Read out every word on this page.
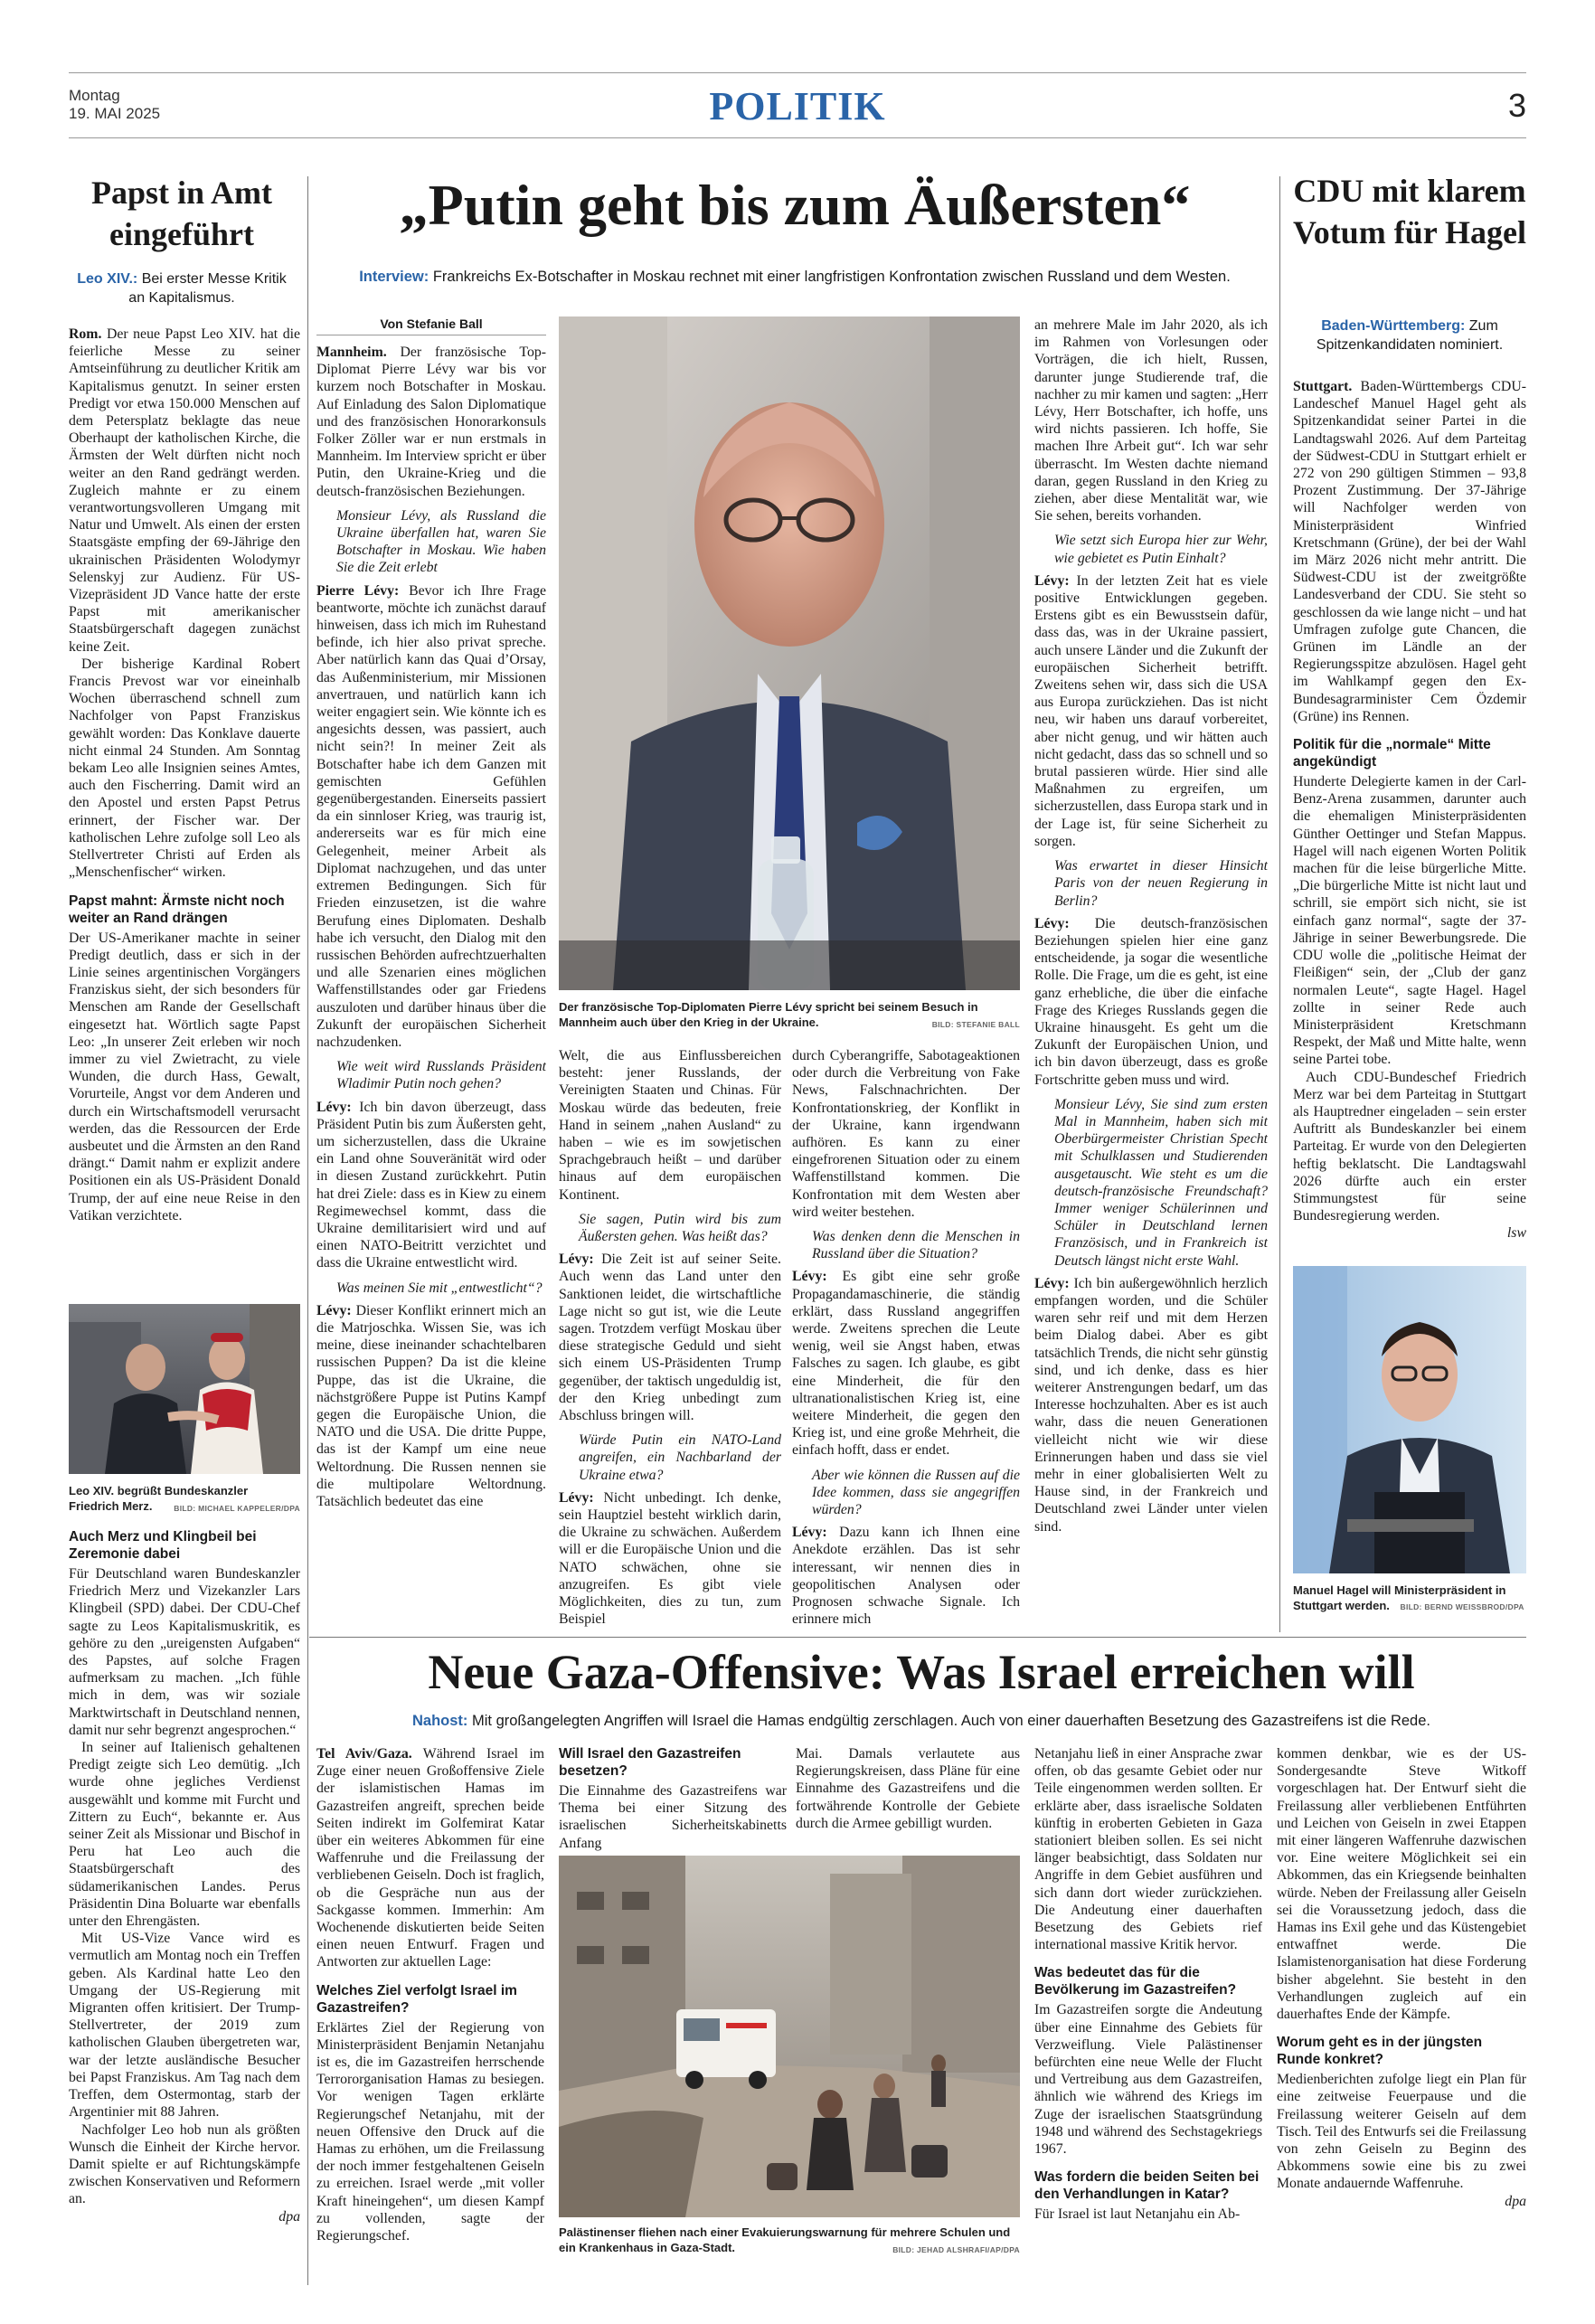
Montag
19. MAI 2025	POLITIK	3
Papst in Amt eingeführt
Leo XIV.: Bei erster Messe Kritik an Kapitalismus.

Rom. Der neue Papst Leo XIV. hat die feierliche Messe zu seiner Amtseinführung zu deutlicher Kritik am Kapitalismus genutzt. In seiner ersten Predigt vor etwa 150.000 Menschen auf dem Petersplatz beklagte das neue Oberhaupt der katholischen Kirche, die Ärmsten der Welt dürften nicht noch weiter an den Rand gedrängt werden. Zugleich mahnte er zu einem verantwortungsvolleren Umgang mit Natur und Umwelt. Als einen der ersten Staatsgäste empfing der 69-Jährige den ukrainischen Präsidenten Wolodymyr Selenskyj zur Audienz. Für US-Vizepräsident JD Vance hatte der erste Papst mit amerikanischer Staatsbürgerschaft dagegen zunächst keine Zeit.

Der bisherige Kardinal Robert Francis Prevost war vor eineinhalb Wochen überraschend schnell zum Nachfolger von Papst Franziskus gewählt worden: Das Konklave dauerte nicht einmal 24 Stunden. Am Sonntag bekam Leo alle Insignien seines Amtes, auch den Fischerring. Damit wird an den Apostel und ersten Papst Petrus erinnert, der Fischer war. Der katholischen Lehre zufolge soll Leo als Stellvertreter Christi auf Erden als „Menschenfischer“ wirken.

Papst mahnt: Ärmste nicht noch weiter an Rand drängen

Der US-Amerikaner machte in seiner Predigt deutlich, dass er sich in der Linie seines argentinischen Vorgängers Franziskus sieht, der sich besonders für Menschen am Rande der Gesellschaft eingesetzt hat. Wörtlich sagte Papst Leo: „In unserer Zeit erleben wir noch immer zu viel Zwietracht, zu viele Wunden, die durch Hass, Gewalt, Vorurteile, Angst vor dem Anderen und durch ein Wirtschaftsmodell verursacht werden, das die Ressourcen der Erde ausbeutet und die Ärmsten an den Rand drängt.“ Damit nahm er explizit andere Positionen ein als US-Präsident Donald Trump, der auf eine neue Reise in den Vatikan verzichtete.

Leo XIV. begrüßt Bundeskanzler Friedrich Merz.	BILD: MICHAEL KAPPELER/DPA
Auch Merz und Klingbeil bei Zeremonie dabei

Für Deutschland waren Bundeskanzler Friedrich Merz und Vizekanzler Lars Klingbeil (SPD) dabei. Der CDU-Chef sagte zu Leos Kapitalismuskritik, es gehöre zu den „ureigensten Aufgaben“ des Papstes, auf solche Fragen aufmerksam zu machen. „Ich fühle mich in dem, was wir soziale Marktwirtschaft in Deutschland nennen, damit nur sehr begrenzt angesprochen.“

In seiner auf Italienisch gehaltenen Predigt zeigte sich Leo demütig. „Ich wurde ohne jegliches Verdienst ausgewählt und komme mit Furcht und Zittern zu Euch“, bekannte er. Aus seiner Zeit als Missionar und Bischof in Peru hat Leo auch die Staatsbürgerschaft des südamerikanischen Landes. Perus Präsidentin Dina Boluarte war ebenfalls unter den Ehrengästen.

Mit US-Vize Vance wird es vermutlich am Montag noch ein Treffen geben. Als Kardinal hatte Leo den Umgang der US-Regierung mit Migranten offen kritisiert. Der Trump-Stellvertreter, der 2019 zum katholischen Glauben übergetreten war, war der letzte ausländische Besucher bei Papst Franziskus. Am Tag nach dem Treffen, dem Ostermontag, starb der Argentinier mit 88 Jahren.

Nachfolger Leo hob nun als größten Wunsch die Einheit der Kirche hervor. Damit spielte er auf Richtungskämpfe zwischen Konservativen und Reformern an.

dpa

„Putin geht bis zum Äußersten“
Interview: Frankreichs Ex-Botschafter in Moskau rechnet mit einer langfristigen Konfrontation zwischen Russland und dem Westen.
Von Stefanie Ball

Mannheim. Der französische Top-Diplomat Pierre Lévy war bis vor kurzem noch Botschafter in Moskau. Auf Einladung des Salon Diplomatique und des französischen Honorarkonsuls Folker Zöller war er nun erstmals in Mannheim. Im Interview spricht er über Putin, den Ukraine-Krieg und die deutsch-französischen Beziehungen.

Monsieur Lévy, als Russland die Ukraine überfallen hat, waren Sie Botschafter in Moskau. Wie haben Sie die Zeit erlebt

Pierre Lévy: Bevor ich Ihre Frage beantworte, möchte ich zunächst darauf hinweisen, dass ich mich im Ruhestand befinde, ich hier also privat spreche. Aber natürlich kann das Quai d’Orsay, das Außenministerium, mir Missionen anvertrauen, und natürlich kann ich weiter engagiert sein. Wie könnte ich es angesichts dessen, was passiert, auch nicht sein?! In meiner Zeit als Botschafter habe ich dem Ganzen mit gemischten Gefühlen gegenübergestanden. Einerseits passiert da ein sinnloser Krieg, was traurig ist, andererseits war es für mich eine Gelegenheit, meiner Arbeit als Diplomat nachzugehen, und das unter extremen Bedingungen. Sich für Frieden einzusetzen, ist die wahre Berufung eines Diplomaten. Deshalb habe ich versucht, den Dialog mit den russischen Behörden aufrechtzuerhalten und alle Szenarien eines möglichen Waffenstillstandes oder gar Friedens auszuloten und darüber hinaus über die Zukunft der europäischen Sicherheit nachzudenken.

Wie weit wird Russlands Präsident Wladimir Putin noch gehen?

Lévy: Ich bin davon überzeugt, dass Präsident Putin bis zum Äußersten geht, um sicherzustellen, dass die Ukraine ein Land ohne Souveränität wird oder in diesen Zustand zurückkehrt. Putin hat drei Ziele: dass es in Kiew zu einem Regimewechsel kommt, dass die Ukraine demilitarisiert wird und auf einen NATO-Beitritt verzichtet und dass die Ukraine entwestlicht wird.

Was meinen Sie mit „entwestlicht“?

Lévy: Dieser Konflikt erinnert mich an die Matrjoschka. Wissen Sie, was ich meine, diese ineinander schachtelbaren russischen Puppen? Da ist die kleine Puppe, das ist die Ukraine, die nächstgrößere Puppe ist Putins Kampf gegen die Europäische Union, die NATO und die USA. Die dritte Puppe, das ist der Kampf um eine neue Weltordnung. Die Russen nennen sie die multipolare Weltordnung. Tatsächlich bedeutet das eine

Der französische Top-Diplomaten Pierre Lévy spricht bei seinem Besuch in Mannheim auch über den Krieg in der Ukraine.	BILD: STEFANIE BALL

Welt, die aus Einflussbereichen besteht: jener Russlands, der Vereinigten Staaten und Chinas. Für Moskau würde das bedeuten, freie Hand in seinem „nahen Ausland“ zu haben – wie es im sowjetischen Sprachgebrauch heißt – und darüber hinaus auf dem europäischen Kontinent.

Sie sagen, Putin wird bis zum Äußersten gehen. Was heißt das?

Lévy: Die Zeit ist auf seiner Seite. Auch wenn das Land unter den Sanktionen leidet, die wirtschaftliche Lage nicht so gut ist, wie die Leute sagen. Trotzdem verfügt Moskau über diese strategische Geduld und sieht sich einem US-Präsidenten Trump gegenüber, der taktisch ungeduldig ist, der den Krieg unbedingt zum Abschluss bringen will.

Würde Putin ein NATO-Land angreifen, ein Nachbarland der Ukraine etwa?

Lévy: Nicht unbedingt. Ich denke, sein Hauptziel besteht wirklich darin, die Ukraine zu schwächen. Außerdem will er die Europäische Union und die NATO schwächen, ohne sie anzugreifen. Es gibt viele Möglichkeiten, dies zu tun, zum Beispiel

durch Cyberangriffe, Sabotageaktionen oder durch die Verbreitung von Fake News, Falschnachrichten. Der Konfrontationskrieg, der Konflikt in der Ukraine, kann irgendwann aufhören. Es kann zu einer eingefrorenen Situation oder zu einem Waffenstillstand kommen. Die Konfrontation mit dem Westen aber wird weiter bestehen.

Was denken denn die Menschen in Russland über die Situation?

Lévy: Es gibt eine sehr große Propagandamaschinerie, die ständig erklärt, dass Russland angegriffen werde. Zweitens sprechen die Leute wenig, weil sie Angst haben, etwas Falsches zu sagen. Ich glaube, es gibt eine Minderheit, die für den ultranationalistischen Krieg ist, eine weitere Minderheit, die gegen den Krieg ist, und eine große Mehrheit, die einfach hofft, dass er endet.

Aber wie können die Russen auf die Idee kommen, dass sie angegriffen würden?

Lévy: Dazu kann ich Ihnen eine Anekdote erzählen. Das ist sehr interessant, wir nennen dies in geopolitischen Analysen oder Prognosen schwache Signale. Ich erinnere mich

an mehrere Male im Jahr 2020, als ich im Rahmen von Vorlesungen oder Vorträgen, die ich hielt, Russen, darunter junge Studierende traf, die nachher zu mir kamen und sagten: „Herr Lévy, Herr Botschafter, ich hoffe, uns wird nichts passieren. Ich hoffe, Sie machen Ihre Arbeit gut“. Ich war sehr überrascht. Im Westen dachte niemand daran, gegen Russland in den Krieg zu ziehen, aber diese Mentalität war, wie Sie sehen, bereits vorhanden.

Wie setzt sich Europa hier zur Wehr, wie gebietet es Putin Einhalt?

Lévy: In der letzten Zeit hat es viele positive Entwicklungen gegeben. Erstens gibt es ein Bewusstsein dafür, dass das, was in der Ukraine passiert, auch unsere Länder und die Zukunft der europäischen Sicherheit betrifft. Zweitens sehen wir, dass sich die USA aus Europa zurückziehen. Das ist nicht neu, wir haben uns darauf vorbereitet, aber nicht genug, und wir hätten auch nicht gedacht, dass das so schnell und so brutal passieren würde. Hier sind alle Maßnahmen zu ergreifen, um sicherzustellen, dass Europa stark und in der Lage ist, für seine Sicherheit zu sorgen.

Was erwartet in dieser Hinsicht Paris von der neuen Regierung in Berlin?

Lévy: Die deutsch-französischen Beziehungen spielen hier eine ganz entscheidende, ja sogar die wesentliche Rolle. Die Frage, um die es geht, ist eine ganz erhebliche, die über die einfache Frage des Krieges Russlands gegen die Ukraine hinausgeht. Es geht um die Zukunft der Europäischen Union, und ich bin davon überzeugt, dass es große Fortschritte geben muss und wird.

Monsieur Lévy, Sie sind zum ersten Mal in Mannheim, haben sich mit Oberbürgermeister Christian Specht mit Schulklassen und Studierenden ausgetauscht. Wie steht es um die deutsch-französische Freundschaft? Immer weniger Schülerinnen und Schüler in Deutschland lernen Französisch, und in Frankreich ist Deutsch längst nicht erste Wahl.

Lévy: Ich bin außergewöhnlich herzlich empfangen worden, und die Schüler waren sehr reif und mit dem Herzen beim Dialog dabei. Aber es gibt tatsächlich Trends, die nicht sehr günstig sind, und ich denke, dass es hier weiterer Anstrengungen bedarf, um das Interesse hochzuhalten. Aber es ist auch wahr, dass die neuen Generationen vielleicht nicht wie wir diese Erinnerungen haben und dass sie viel mehr in einer globalisierten Welt zu Hause sind, in der Frankreich und Deutschland zwei Länder unter vielen sind.

CDU mit klarem Votum für Hagel
Baden-Württemberg: Zum Spitzenkandidaten nominiert.

Stuttgart. Baden-Württembergs CDU-Landeschef Manuel Hagel geht als Spitzenkandidat seiner Partei in die Landtagswahl 2026. Auf dem Parteitag der Südwest-CDU in Stuttgart erhielt er 272 von 290 gültigen Stimmen – 93,8 Prozent Zustimmung. Der 37-Jährige will Nachfolger werden von Ministerpräsident Winfried Kretschmann (Grüne), der bei der Wahl im März 2026 nicht mehr antritt. Die Südwest-CDU ist der zweitgrößte Landesverband der CDU. Sie steht so geschlossen da wie lange nicht – und hat Umfragen zufolge gute Chancen, die Grünen im Ländle an der Regierungsspitze abzulösen. Hagel geht im Wahlkampf gegen den Ex-Bundesagrarminister Cem Özdemir (Grüne) ins Rennen.

Politik für die „normale“ Mitte angekündigt

Hunderte Delegierte kamen in der Carl-Benz-Arena zusammen, darunter auch die ehemaligen Ministerpräsidenten Günther Oettinger und Stefan Mappus. Hagel will nach eigenen Worten Politik machen für die leise bürgerliche Mitte. „Die bürgerliche Mitte ist nicht laut und schrill, sie empört sich nicht, sie ist einfach ganz normal“, sagte der 37-Jährige in seiner Bewerbungsrede. Die CDU wolle die „politische Heimat der Fleißigen“ sein, der „Club der ganz normalen Leute“, sagte Hagel. Hagel zollte in seiner Rede auch Ministerpräsident Kretschmann Respekt, der Maß und Mitte halte, wenn seine Partei tobe.

Auch CDU-Bundeschef Friedrich Merz war bei dem Parteitag in Stuttgart als Hauptredner eingeladen – sein erster Auftritt als Bundeskanzler bei einem Parteitag. Er wurde von den Delegierten heftig beklatscht. Die Landtagswahl 2026 dürfte auch ein erster Stimmungstest für seine Bundesregierung werden.

lsw

Manuel Hagel will Ministerpräsident in Stuttgart werden. BILD: BERND WEISSBROD/DPA
Neue Gaza-Offensive: Was Israel erreichen will
Nahost: Mit großangelegten Angriffen will Israel die Hamas endgültig zerschlagen. Auch von einer dauerhaften Besetzung des Gazastreifens ist die Rede.

Tel Aviv/Gaza. Während Israel im Zuge einer neuen Großoffensive Ziele der islamistischen Hamas im Gazastreifen angreift, sprechen beide Seiten indirekt im Golfemirat Katar über ein weiteres Abkommen für eine Waffenruhe und die Freilassung der verbliebenen Geiseln. Doch ist fraglich, ob die Gespräche nun aus der Sackgasse kommen. Immerhin: Am Wochenende diskutierten beide Seiten einen neuen Entwurf. Fragen und Antworten zur aktuellen Lage:

Welches Ziel verfolgt Israel im Gazastreifen?

Erklärtes Ziel der Regierung von Ministerpräsident Benjamin Netanjahu ist es, die im Gazastreifen herrschende Terrororganisation Hamas zu besiegen. Vor wenigen Tagen erklärte Regierungschef Netanjahu, mit der neuen Offensive den Druck auf die Hamas zu erhöhen, um die Freilassung der noch immer festgehaltenen Geiseln zu erreichen. Israel werde „mit voller Kraft hineingehen“, um diesen Kampf zu vollenden, sagte der Regierungschef.

Will Israel den Gazastreifen besetzen?

Die Einnahme des Gazastreifens war Thema bei einer Sitzung des israelischen Sicherheitskabinetts Anfang

Mai. Damals verlautete aus Regierungskreisen, dass Pläne für eine Einnahme des Gazastreifens und die fortwährende Kontrolle der Gebiete durch die Armee gebilligt wurden.

Palästinenser fliehen nach einer Evakuierungswarnung für mehrere Schulen und ein Krankenhaus in Gaza-Stadt.	BILD: JEHAD ALSHRAFI/AP/DPA

Netanjahu ließ in einer Ansprache zwar offen, ob das gesamte Gebiet oder nur Teile eingenommen werden sollten. Er erklärte aber, dass israelische Soldaten künftig in eroberten Gebieten in Gaza stationiert bleiben sollen. Es sei nicht länger beabsichtigt, dass Soldaten nur Angriffe in dem Gebiet ausführen und sich dann dort wieder zurückziehen. Die Andeutung einer dauerhaften Besetzung des Gebiets rief international massive Kritik hervor.

Was bedeutet das für die Bevölkerung im Gazastreifen?

Im Gazastreifen sorgte die Andeutung über eine Einnahme des Gebiets für Verzweiflung. Viele Palästinenser befürchten eine neue Welle der Flucht und Vertreibung aus dem Gazastreifen, ähnlich wie während des Kriegs im Zuge der israelischen Staatsgründung 1948 und während des Sechstagekriegs 1967.

Was fordern die beiden Seiten bei den Verhandlungen in Katar?

Für Israel ist laut Netanjahu ein Ab-

kommen denkbar, wie es der US-Sondergesandte Steve Witkoff vorgeschlagen hat. Der Entwurf sieht die Freilassung aller verbliebenen Entführten und Leichen von Geiseln in zwei Etappen mit einer längeren Waffenruhe dazwischen vor. Eine weitere Möglichkeit sei ein Abkommen, das ein Kriegsende beinhalten würde. Neben der Freilassung aller Geiseln sei die Voraussetzung jedoch, dass die Hamas ins Exil gehe und das Küstengebiet entwaffnet werde. Die Islamistenorganisation hat diese Forderung bisher abgelehnt. Sie besteht in den Verhandlungen zugleich auf ein dauerhaftes Ende der Kämpfe.

Worum geht es in der jüngsten Runde konkret?

Medienberichten zufolge liegt ein Plan für eine zeitweise Feuerpause und die Freilassung weiterer Geiseln auf dem Tisch. Teil des Entwurfs sei die Freilassung von zehn Geiseln zu Beginn des Abkommens sowie eine bis zu zwei Monate andauernde Waffenruhe.

dpa
